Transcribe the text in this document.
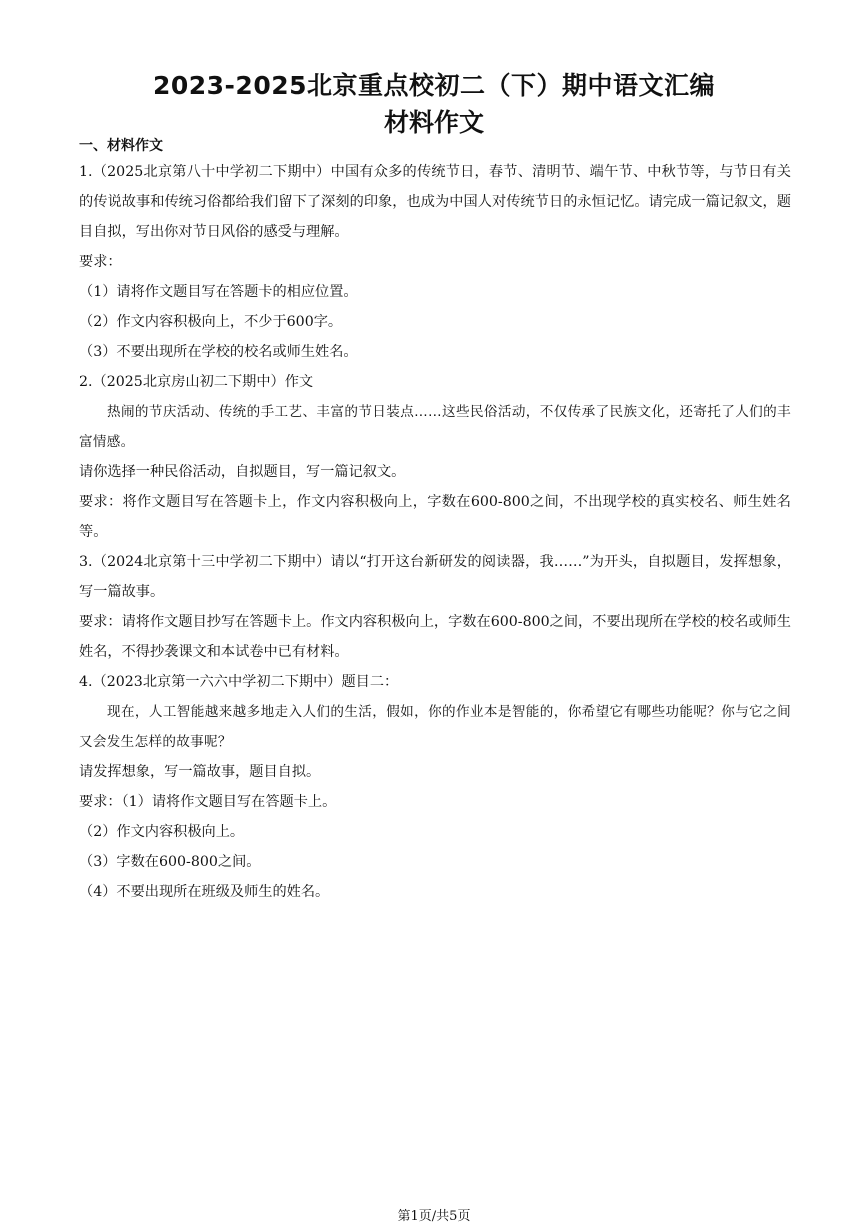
2023-2025北京重点校初二（下）期中语文汇编
材料作文
一、材料作文

1.（2025北京第八十中学初二下期中）中国有众多的传统节日，春节、清明节、端午节、中秋节等，与节日有关的传说故事和传统习俗都给我们留下了深刻的印象，也成为中国人对传统节日的永恒记忆。请完成一篇记叙文，题目自拟，写出你对节日风俗的感受与理解。

要求：

（1）请将作文题目写在答题卡的相应位置。

（2）作文内容积极向上，不少于600字。

（3）不要出现所在学校的校名或师生姓名。

2.（2025北京房山初二下期中）作文

热闹的节庆活动、传统的手工艺、丰富的节日装点……这些民俗活动，不仅传承了民族文化，还寄托了人们的丰富情感。

请你选择一种民俗活动，自拟题目，写一篇记叙文。

要求：将作文题目写在答题卡上，作文内容积极向上，字数在600-800之间，不出现学校的真实校名、师生姓名等。

3.（2024北京第十三中学初二下期中）请以“打开这台新研发的阅读器，我……”为开头，自拟题目，发挥想象，写一篇故事。

要求：请将作文题目抄写在答题卡上。作文内容积极向上，字数在600-800之间，不要出现所在学校的校名或师生姓名，不得抄袭课文和本试卷中已有材料。

4.（2023北京第一六六中学初二下期中）题目二：

现在，人工智能越来越多地走入人们的生活，假如，你的作业本是智能的，你希望它有哪些功能呢？你与它之间又会发生怎样的故事呢？

请发挥想象，写一篇故事，题目自拟。

要求：（1）请将作文题目写在答题卡上。

（2）作文内容积极向上。

（3）字数在600-800之间。

（4）不要出现所在班级及师生的姓名。

第1页/共5页
